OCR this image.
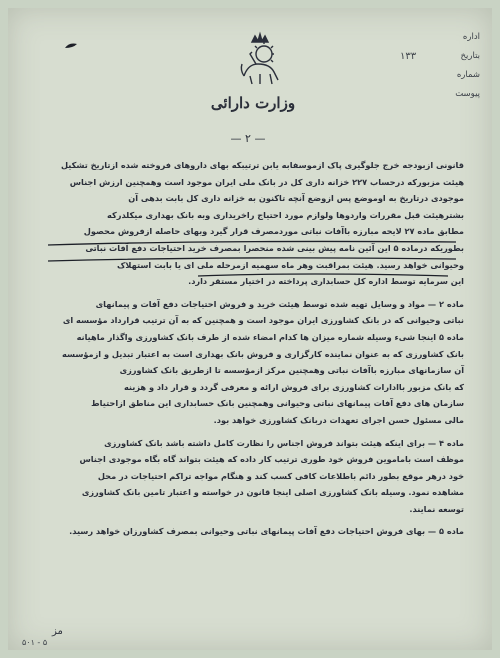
وزارت دارائی
اداره
بتاریخ
۱۳۳
شماره
پیوست
— ۲ —

قانونی ازبودجه خرج جلوگیری پاک ازموسفابه یابن ترتیبکه بهای داروهای فروخته شده ازتاریخ تشکیل

هیئت مزبورکه درحساب ۲۲۷ خزانه داری کل در بانک ملی ایران موجود است وهمچنین ارزش اجناس

موجودی درتاریخ به اوموضع پس ازوضع آنچه تاکنون به خزانه داری کل بابت بدهی آن

بشترهیئت قبل مقررات واردوها ولوازم مورد احتیاج راخریداری وبه بانک بهداری میکلدرکه

مطابق ماده ۲۷ لایحه مبارزه باآفات نباتی موردمصرف قرار گیرد وبهای حاصله ازفروش محصول

بطوریکه درماده ۵ این آئین نامه پیش بینی شده منحصرا بمصرف خرید احتیاجات دفع آفات نباتی

وحیوانی خواهد رسید. هیئت بمراقبت وهر ماه سهمیه ازمرحله ملی ای یا بابت استهلاک

این سرمایه توسط اداره کل حسابداری پرداخته در اختیار مستقر دارد.

ماده ۲ — مواد و وسایل تهیه شده توسط هیئت خرید و فروش احتیاجات دفع آفات و پیمانهای

نباتی وحیوانی که در بانک کشاورزی ایران موجود است و همچنین که به آن ترتیب قرارداد مؤسسه ای

ماده ۵ اینجا شیء وسیله شماره میزان ها کدام امضاء شده از طرف بانک کشاورزی واگذار ماهیانه

بانک کشاورزی که به عنوان نماینده کارگزاری و فروش بانک بهداری است به اعتبار تبدیل و ازمؤسسه

آن سازمانهای مبارزه باآفات نباتی وهمچنین مرکز ازمؤسسه تا ازطریق بانک کشاورزی

که بانک مزبور باادارات کشاورزی برای فروش ارائه و معرفی گردد و قرار داد و هزینه

سازمان های دفع آفات پیمانهای نباتی وحیوانی وهمچنین بانک حسابداری این مناطق ازاحتیاط

مالی مسئول حسن اجرای تعهدات دربانک کشاورزی خواهد بود.

ماده ۴ — برای اینکه هیئت بتواند فروش اجناس را نظارت کامل داشته باشد بانک کشاورزی

موظف است باماموین فروش خود طوری ترتیب کار داده که هیئت بتواند گاه بگاه موجودی اجناس

خود درهر موقع بطور دائم باطلاعات کافی کسب کند و هنگام مواجه تراکم احتیاجات در محل

مشاهده نمود. وسیله بانک کشاورزی اصلی اینجا قانون در خواسته و اعتبار تامین بانک کشاورزی

توسعه نمایند.

ماده ۵ — بهای فروش احتیاجات دفع آفات پیمانهای نباتی وحیوانی بمصرف کشاورزان خواهد رسید.

مز
۵۰۱ - ۵
